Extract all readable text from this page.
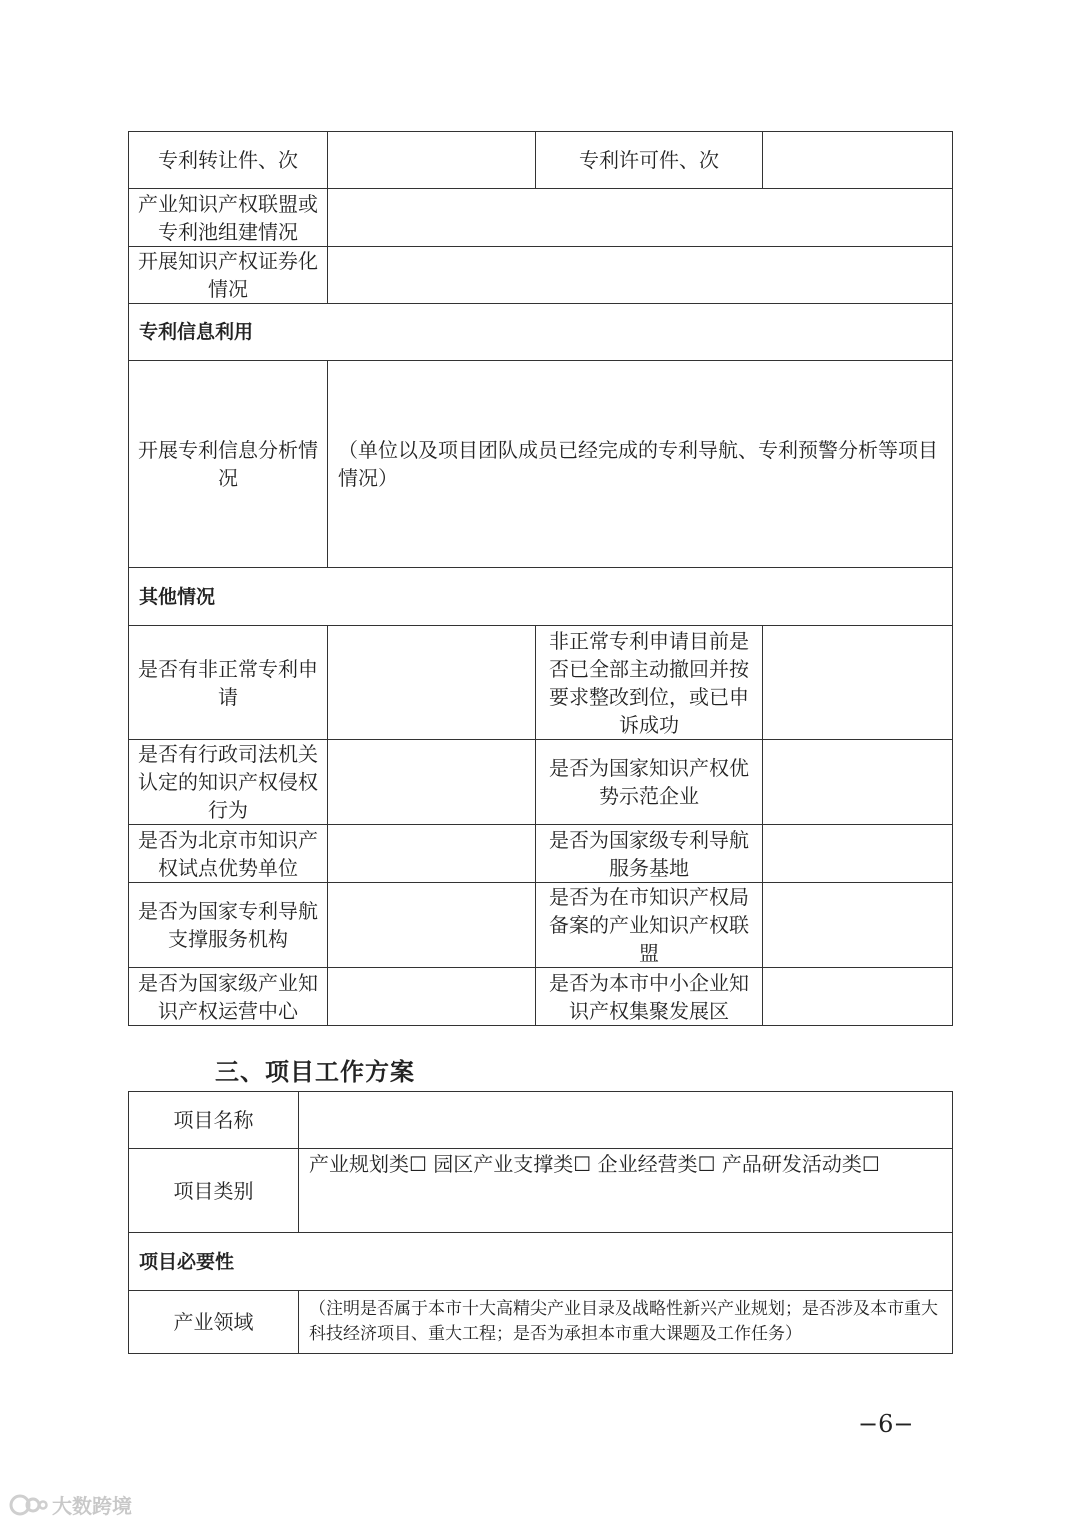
专利转让件、次		专利许可件、次	
产业知识产权联盟或专利池组建情况			
开展知识产权证券化情况			
专利信息利用			
开展专利信息分析情况	（单位以及项目团队成员已经完成的专利导航、专利预警分析等项目情况）		
其他情况			
是否有非正常专利申请		非正常专利申请目前是否已全部主动撤回并按要求整改到位，或已申诉成功	
是否有行政司法机关认定的知识产权侵权行为		是否为国家知识产权优势示范企业	
是否为北京市知识产权试点优势单位		是否为国家级专利导航服务基地	
是否为国家专利导航支撑服务机构		是否为在市知识产权局备案的产业知识产权联盟	
是否为国家级产业知识产权运营中心		是否为本市中小企业知识产权集聚发展区	
三、项目工作方案
项目名称	
项目类别	产业规划类☐ 园区产业支撑类☐ 企业经营类☐ 产品研发活动类☐
项目必要性	
产业领域	（注明是否属于本市十大高精尖产业目录及战略性新兴产业规划；是否涉及本市重大科技经济项目、重大工程；是否为承担本市重大课题及工作任务）
−6−
大数跨境
